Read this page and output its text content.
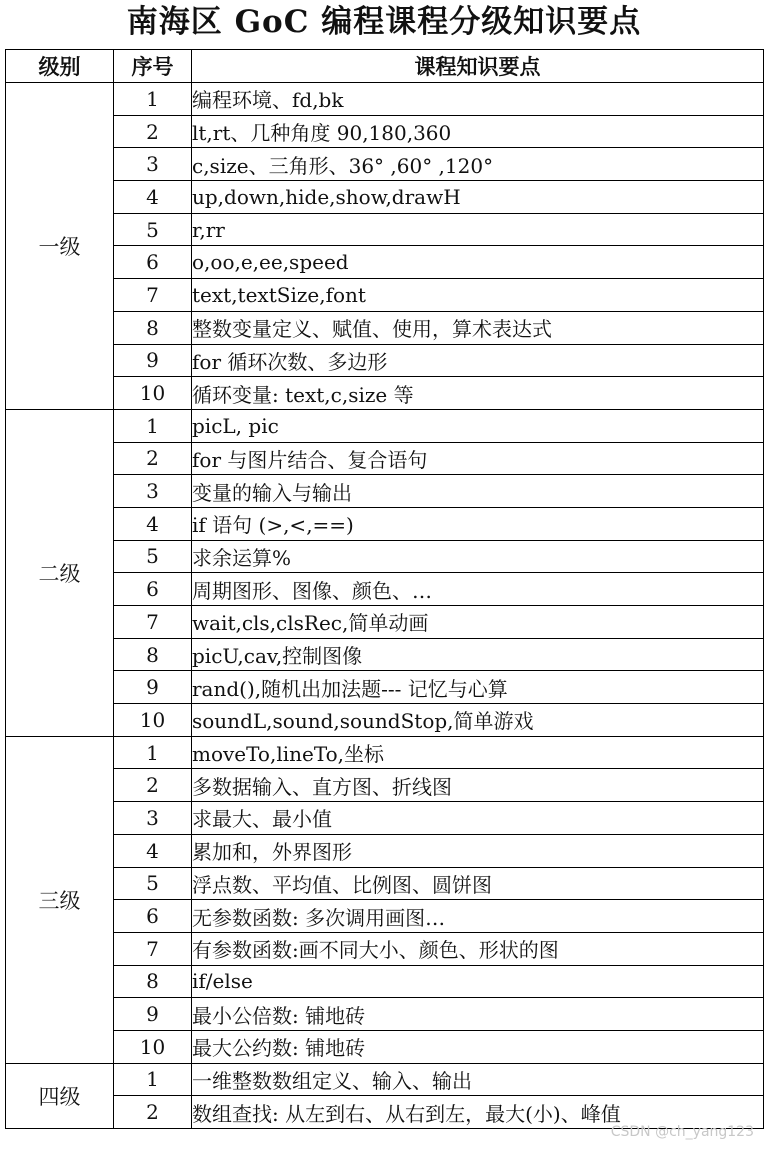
南海区 GoC 编程课程分级知识要点
级别	序号	课程知识要点
一级	1	编程环境、fd,bk
	2	lt,rt、几种角度 90,180,360
	3	c,size、三角形、36° ,60° ,120°
	4	up,down,hide,show,drawH
	5	r,rr
	6	o,oo,e,ee,speed
	7	text,textSize,font
	8	整数变量定义、赋值、使用，算术表达式
	9	for 循环次数、多边形
	10	循环变量: text,c,size 等
二级	1	picL, pic
	2	for 与图片结合、复合语句
	3	变量的输入与输出
	4	if 语句 (>,<,==)
	5	求余运算%
	6	周期图形、图像、颜色、…
	7	wait,cls,clsRec,简单动画
	8	picU,cav,控制图像
	9	rand(),随机出加法题--- 记忆与心算
	10	soundL,sound,soundStop,简单游戏
三级	1	moveTo,lineTo,坐标
	2	多数据输入、直方图、折线图
	3	求最大、最小值
	4	累加和，外界图形
	5	浮点数、平均值、比例图、圆饼图
	6	无参数函数: 多次调用画图…
	7	有参数函数:画不同大小、颜色、形状的图
	8	if/else
	9	最小公倍数: 铺地砖
	10	最大公约数: 铺地砖
四级	1	一维整数数组定义、输入、输出
	2	数组查找: 从左到右、从右到左，最大(小)、峰值
CSDN @ch_yang123
